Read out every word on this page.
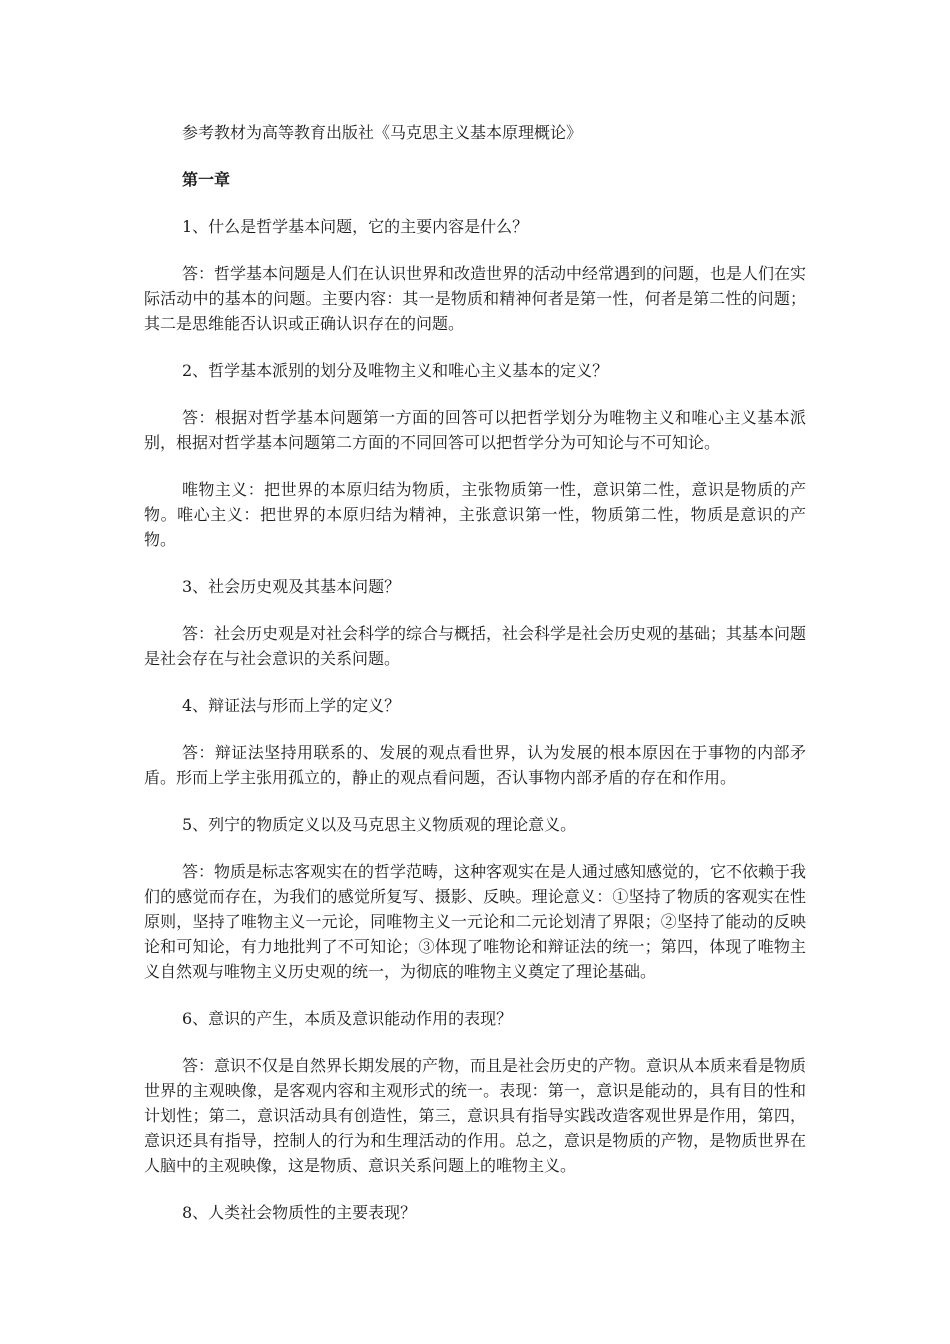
参考教材为高等教育出版社《马克思主义基本原理概论》

第一章

1、什么是哲学基本问题，它的主要内容是什么？

答：哲学基本问题是人们在认识世界和改造世界的活动中经常遇到的问题，也是人们在实际活动中的基本的问题。主要内容：其一是物质和精神何者是第一性，何者是第二性的问题；其二是思维能否认识或正确认识存在的问题。

2、哲学基本派别的划分及唯物主义和唯心主义基本的定义？

答：根据对哲学基本问题第一方面的回答可以把哲学划分为唯物主义和唯心主义基本派别，根据对哲学基本问题第二方面的不同回答可以把哲学分为可知论与不可知论。

唯物主义：把世界的本原归结为物质，主张物质第一性，意识第二性，意识是物质的产物。唯心主义：把世界的本原归结为精神，主张意识第一性，物质第二性，物质是意识的产物。

3、社会历史观及其基本问题？

答：社会历史观是对社会科学的综合与概括，社会科学是社会历史观的基础；其基本问题是社会存在与社会意识的关系问题。

4、辩证法与形而上学的定义？

答：辩证法坚持用联系的、发展的观点看世界，认为发展的根本原因在于事物的内部矛盾。形而上学主张用孤立的，静止的观点看问题，否认事物内部矛盾的存在和作用。

5、列宁的物质定义以及马克思主义物质观的理论意义。

答：物质是标志客观实在的哲学范畴，这种客观实在是人通过感知感觉的，它不依赖于我们的感觉而存在，为我们的感觉所复写、摄影、反映。理论意义：①坚持了物质的客观实在性原则，坚持了唯物主义一元论，同唯物主义一元论和二元论划清了界限；②坚持了能动的反映论和可知论，有力地批判了不可知论；③体现了唯物论和辩证法的统一；第四，体现了唯物主义自然观与唯物主义历史观的统一，为彻底的唯物主义奠定了理论基础。

6、意识的产生，本质及意识能动作用的表现？

答：意识不仅是自然界长期发展的产物，而且是社会历史的产物。意识从本质来看是物质世界的主观映像，是客观内容和主观形式的统一。表现：第一，意识是能动的，具有目的性和计划性；第二，意识活动具有创造性，第三，意识具有指导实践改造客观世界是作用，第四，意识还具有指导，控制人的行为和生理活动的作用。总之，意识是物质的产物，是物质世界在人脑中的主观映像，这是物质、意识关系问题上的唯物主义。

8、人类社会物质性的主要表现？
